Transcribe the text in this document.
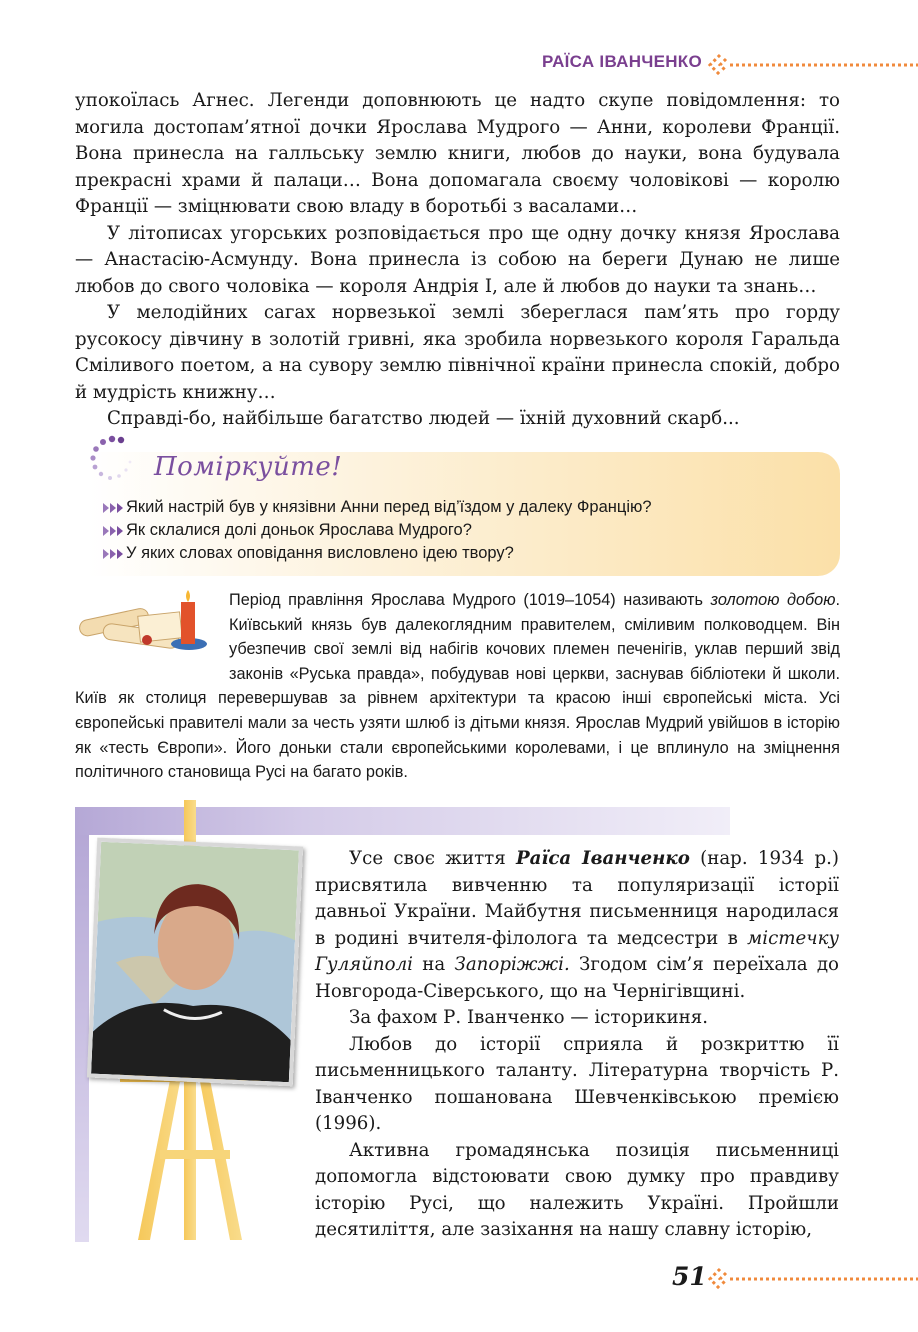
РАЇСА ІВАНЧЕНКО

упокоїлась Агнес. Легенди доповнюють це надто скупе повідомлення: то могила достопам’ятної дочки Ярослава Мудрого — Анни, королеви Франції. Вона принесла на галльську землю книги, любов до науки, вона будувала прекрасні храми й палаци… Вона допомагала своєму чоловікові — королю Франції — зміцнювати свою владу в боротьбі з васалами…

У літописах угорських розповідається про ще одну дочку князя Ярослава — Анастасію-Асмунду. Вона принесла із собою на береги Дунаю не лише любов до свого чоловіка — короля Андрія I, але й любов до науки та знань…

У мелодійних сагах норвезької землі збереглася пам’ять про горду русокосу дівчину в золотій гривні, яка зробила норвезького короля Гаральда Сміливого поетом, а на сувору землю північної країни принесла спокій, добро й мудрість книжну…

Справді-бо, найбільше багатство людей — їхній духовний скарб...

Поміркуйте!
Який настрій був у князівни Анни перед від’їздом у далеку Францію?
Як склалися долі доньок Ярослава Мудрого?
У яких словах оповідання висловлено ідею твору?
Період правління Ярослава Мудрого (1019–1054) називають золотою добою. Київський князь був далекоглядним правителем, сміливим полководцем. Він убезпечив свої землі від набігів кочових племен печенігів, уклав перший звід законів «Руська правда», побудував нові церкви, заснував бібліотеки й школи. Київ як столиця перевершував за рівнем архітектури та красою інші європейські міста. Усі європейські правителі мали за честь узяти шлюб із дітьми князя. Ярослав Мудрий увійшов в історію як «тесть Європи». Його доньки стали європейськими королевами, і це вплинуло на зміцнення політичного становища Русі на багато років.

Усе своє життя Раїса Іванченко (нар. 1934 р.) присвятила вивченню та популяризації історії давньої України. Майбутня письменниця народилася в родині вчителя-філолога та медсестри в містечку Гуляйполі на Запоріжжі. Згодом сім’я переїхала до Новгорода-Сіверського, що на Чернігівщині.

За фахом Р. Іванченко — історикиня.

Любов до історії сприяла й розкриттю її письменницького таланту. Літературна творчість Р. Іванченко пошанована Шевченківською премією (1996).

Активна громадянська позиція письменниці допомогла відстоювати свою думку про правдиву історію Русі, що належить Україні. Пройшли десятиліття, але зазіхання на нашу славну історію,

51
